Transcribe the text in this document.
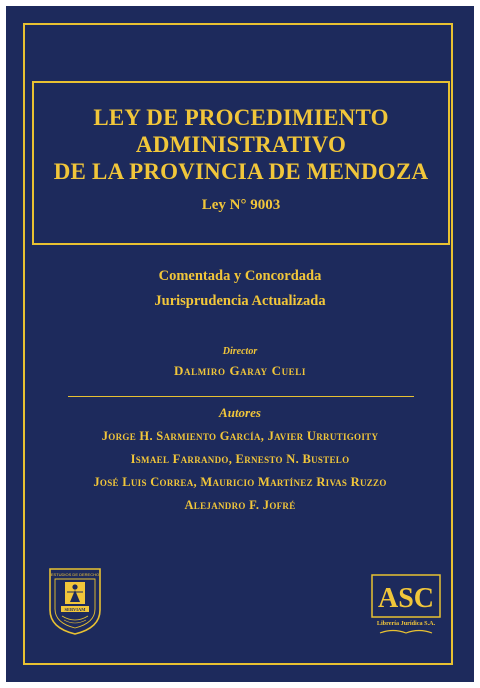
LEY DE PROCEDIMIENTO
ADMINISTRATIVO
DE LA PROVINCIA DE MENDOZA
Ley N° 9003
Comentada y Concordada
Jurisprudencia Actualizada
Director
Dalmiro Garay Cueli
Autores
Jorge H. Sarmiento García, Javier Urrutigoity
Ismael Farrando, Ernesto N. Bustelo
José Luis Correa, Mauricio Martínez Rivas Ruzzo
Alejandro F. Jofré
ESTUDIOS DE DERECHO
SERVIAM	ASC
Librería Jurídica S.A.
